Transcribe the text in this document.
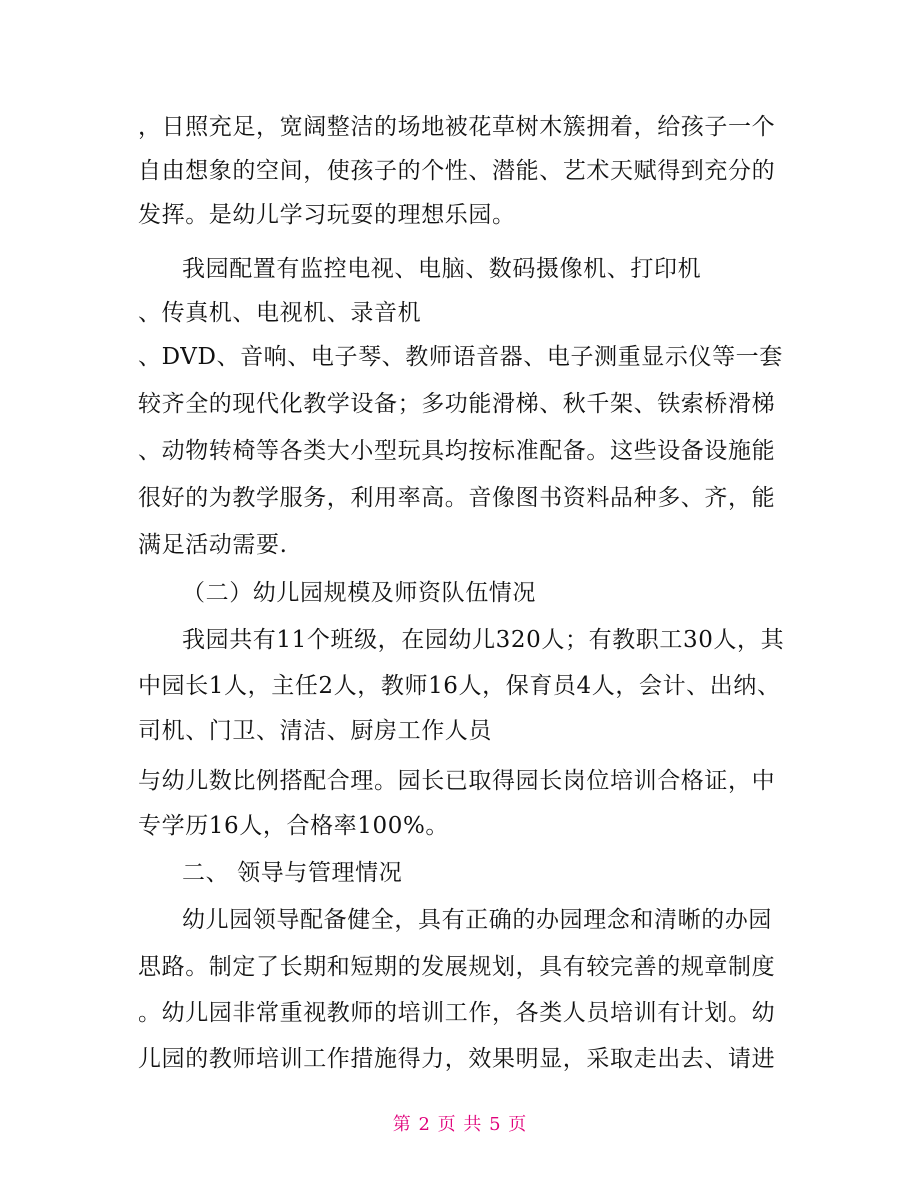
，日照充足，宽阔整洁的场地被花草树木簇拥着，给孩子一个
自由想象的空间，使孩子的个性、潜能、艺术天赋得到充分的
发挥。是幼儿学习玩耍的理想乐园。
我园配置有监控电视、电脑、数码摄像机、打印机
、传真机、电视机、录音机
、DVD、音响、电子琴、教师语音器、电子测重显示仪等一套
较齐全的现代化教学设备；多功能滑梯、秋千架、铁索桥滑梯
、动物转椅等各类大小型玩具均按标准配备。这些设备设施能
很好的为教学服务，利用率高。音像图书资料品种多、齐，能
满足活动需要.
（二）幼儿园规模及师资队伍情况
我园共有11个班级，在园幼儿320人；有教职工30人，其
中园长1人，主任2人，教师16人，保育员4人，会计、出纳、
司机、门卫、清洁、厨房工作人员
与幼儿数比例搭配合理。园长已取得园长岗位培训合格证，中
专学历16人，合格率100%。
二、 领导与管理情况
幼儿园领导配备健全，具有正确的办园理念和清晰的办园
思路。制定了长期和短期的发展规划，具有较完善的规章制度
。幼儿园非常重视教师的培训工作，各类人员培训有计划。幼
儿园的教师培训工作措施得力，效果明显，采取走出去、请进
第 2 页 共 5 页
